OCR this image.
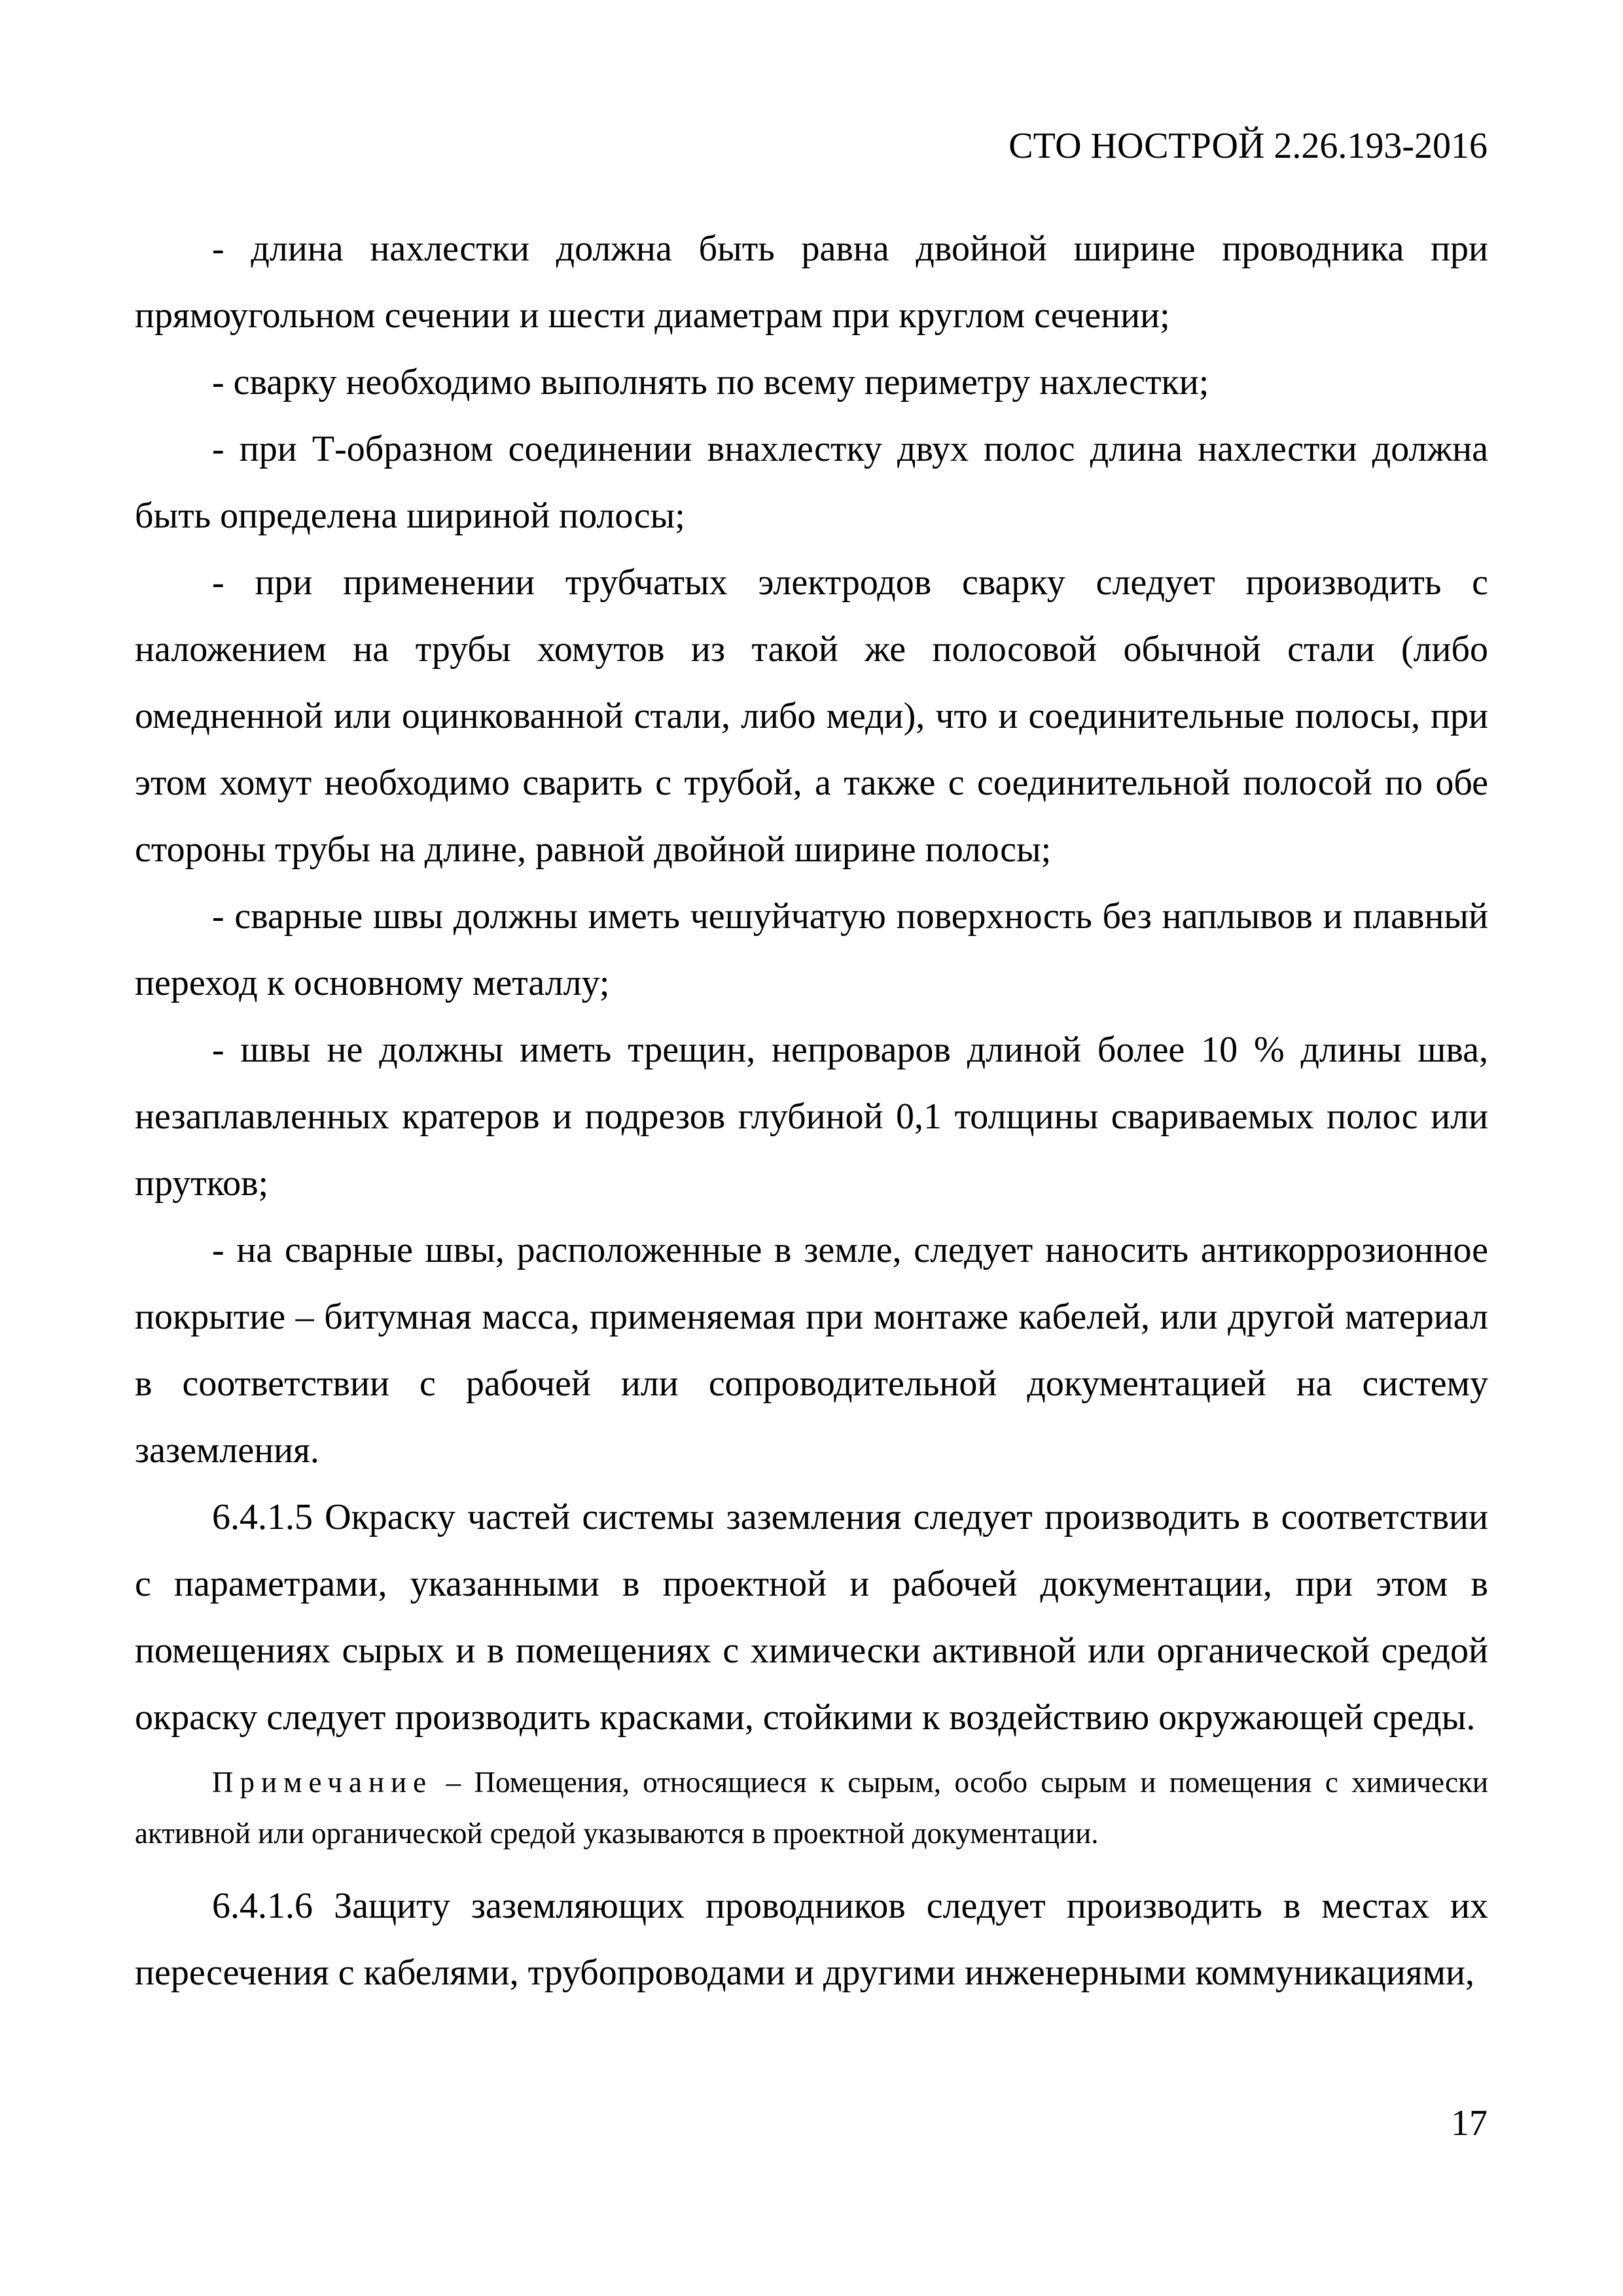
СТО НОСТРОЙ 2.26.193-2016

- длина нахлестки должна быть равна двойной ширине проводника при прямоугольном сечении и шести диаметрам при круглом сечении;

- сварку необходимо выполнять по всему периметру нахлестки;

- при Т-образном соединении внахлестку двух полос длина нахлестки должна быть определена шириной полосы;

- при применении трубчатых электродов сварку следует производить с наложением на трубы хомутов из такой же полосовой обычной стали (либо омедненной или оцинкованной стали, либо меди), что и соединительные полосы, при этом хомут необходимо сварить с трубой, а также с соединительной полосой по обе стороны трубы на длине, равной двойной ширине полосы;

- сварные швы должны иметь чешуйчатую поверхность без наплывов и плавный переход к основному металлу;

- швы не должны иметь трещин, непроваров длиной более 10 % длины шва, незаплавленных кратеров и подрезов глубиной 0,1 толщины свариваемых полос или прутков;

- на сварные швы, расположенные в земле, следует наносить антикоррозионное покрытие – битумная масса, применяемая при монтаже кабелей, или другой материал в соответствии с рабочей или сопроводительной документацией на систему заземления.

6.4.1.5 Окраску частей системы заземления следует производить в соответствии с параметрами, указанными в проектной и рабочей документации, при этом в помещениях сырых и в помещениях с химически активной или органической средой окраску следует производить красками, стойкими к воздействию окружающей среды.

Примечание – Помещения, относящиеся к сырым, особо сырым и помещения с химически активной или органической средой указываются в проектной документации.

6.4.1.6 Защиту заземляющих проводников следует производить в местах их пересечения с кабелями, трубопроводами и другими инженерными коммуникациями,

17
